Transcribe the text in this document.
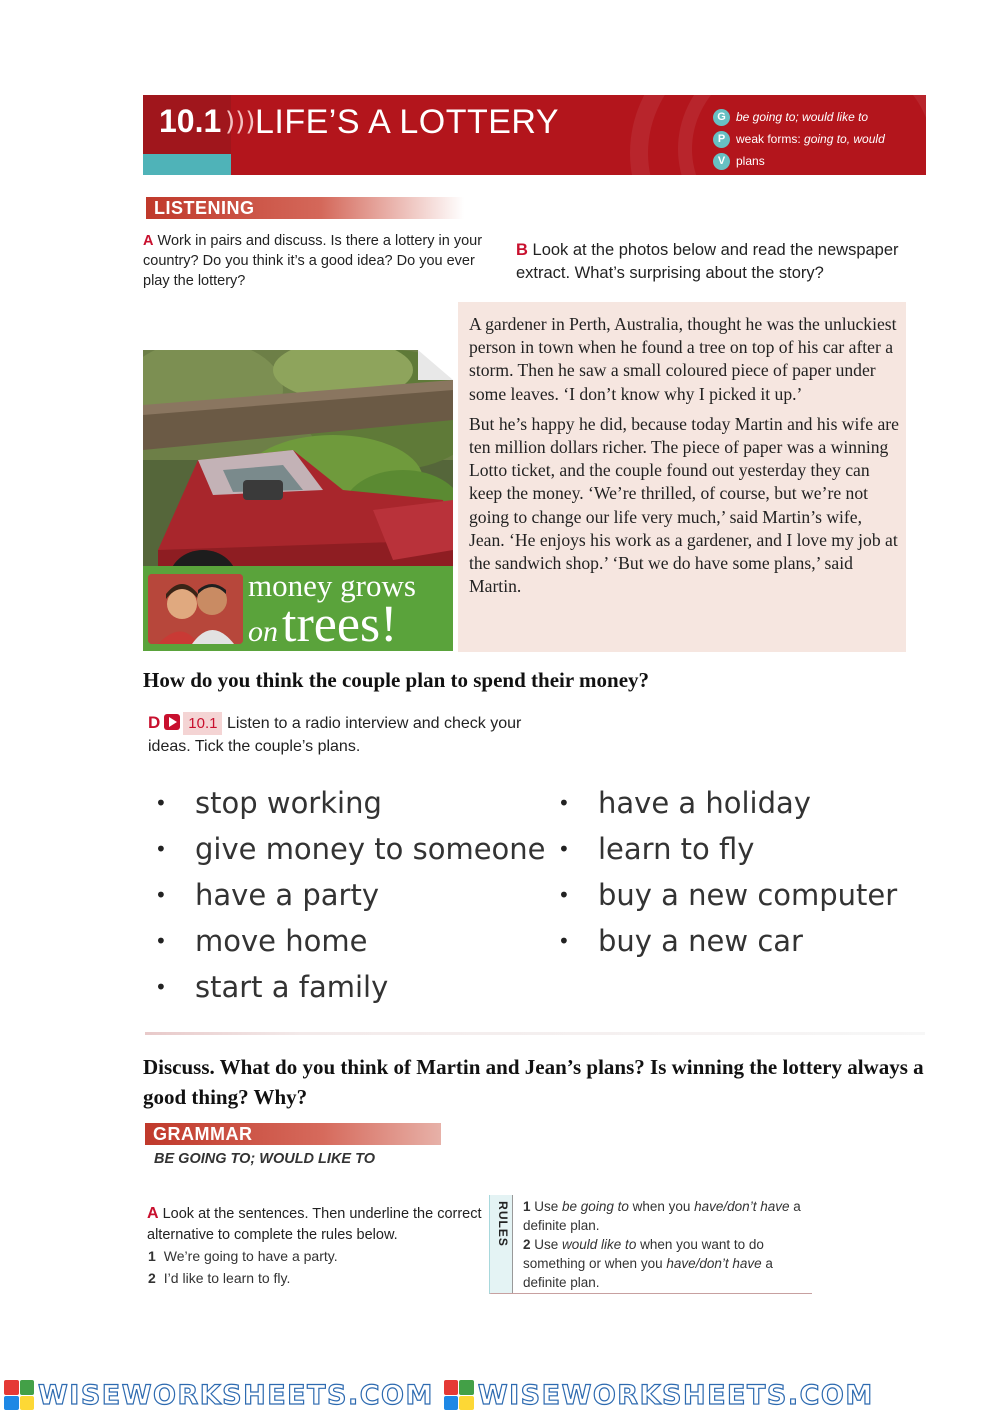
10.1 ))) LIFE’S A LOTTERY	G be going to; would like to
P weak forms: going to, would
V plans
LISTENING
A Work in pairs and discuss. Is there a lottery in your country? Do you think it’s a good idea? Do you ever play the lottery?
B Look at the photos below and read the newspaper extract. What’s surprising about the story?
money grows
on trees!

A gardener in Perth, Australia, thought he was the unluckiest person in town when he found a tree on top of his car after a storm. Then he saw a small coloured piece of paper under some leaves. ‘I don’t know why I picked it up.’

But he’s happy he did, because today Martin and his wife are ten million dollars richer. The piece of paper was a winning Lotto ticket, and the couple found out yesterday they can keep the money. ‘We’re thrilled, of course, but we’re not going to change our life very much,’ said Martin’s wife, Jean. ‘He enjoys his work as a gardener, and I love my job at the sandwich shop.’ ‘But we do have some plans,’ said Martin.

How do you think the couple plan to spend their money?
D 10.1 Listen to a radio interview and check your ideas. Tick the couple’s plans.
• stop working
• give money to someone
• have a party
• move home
• start a family
• have a holiday
• learn to fly
• buy a new computer
• buy a new car
Discuss. What do you think of Martin and Jean’s plans? Is winning the lottery always a good thing? Why?
GRAMMAR
BE GOING TO; WOULD LIKE TO
A Look at the sentences. Then underline the correct alternative to complete the rules below.
1 We’re going to have a party.
2 I’d like to learn to fly.
RULES 1 Use be going to when you have/don’t have a definite plan.
2 Use would like to when you want to do something or when you have/don’t have a definite plan.
WISEWORKSHEETS.COM WISEWORKSHEETS.COM
